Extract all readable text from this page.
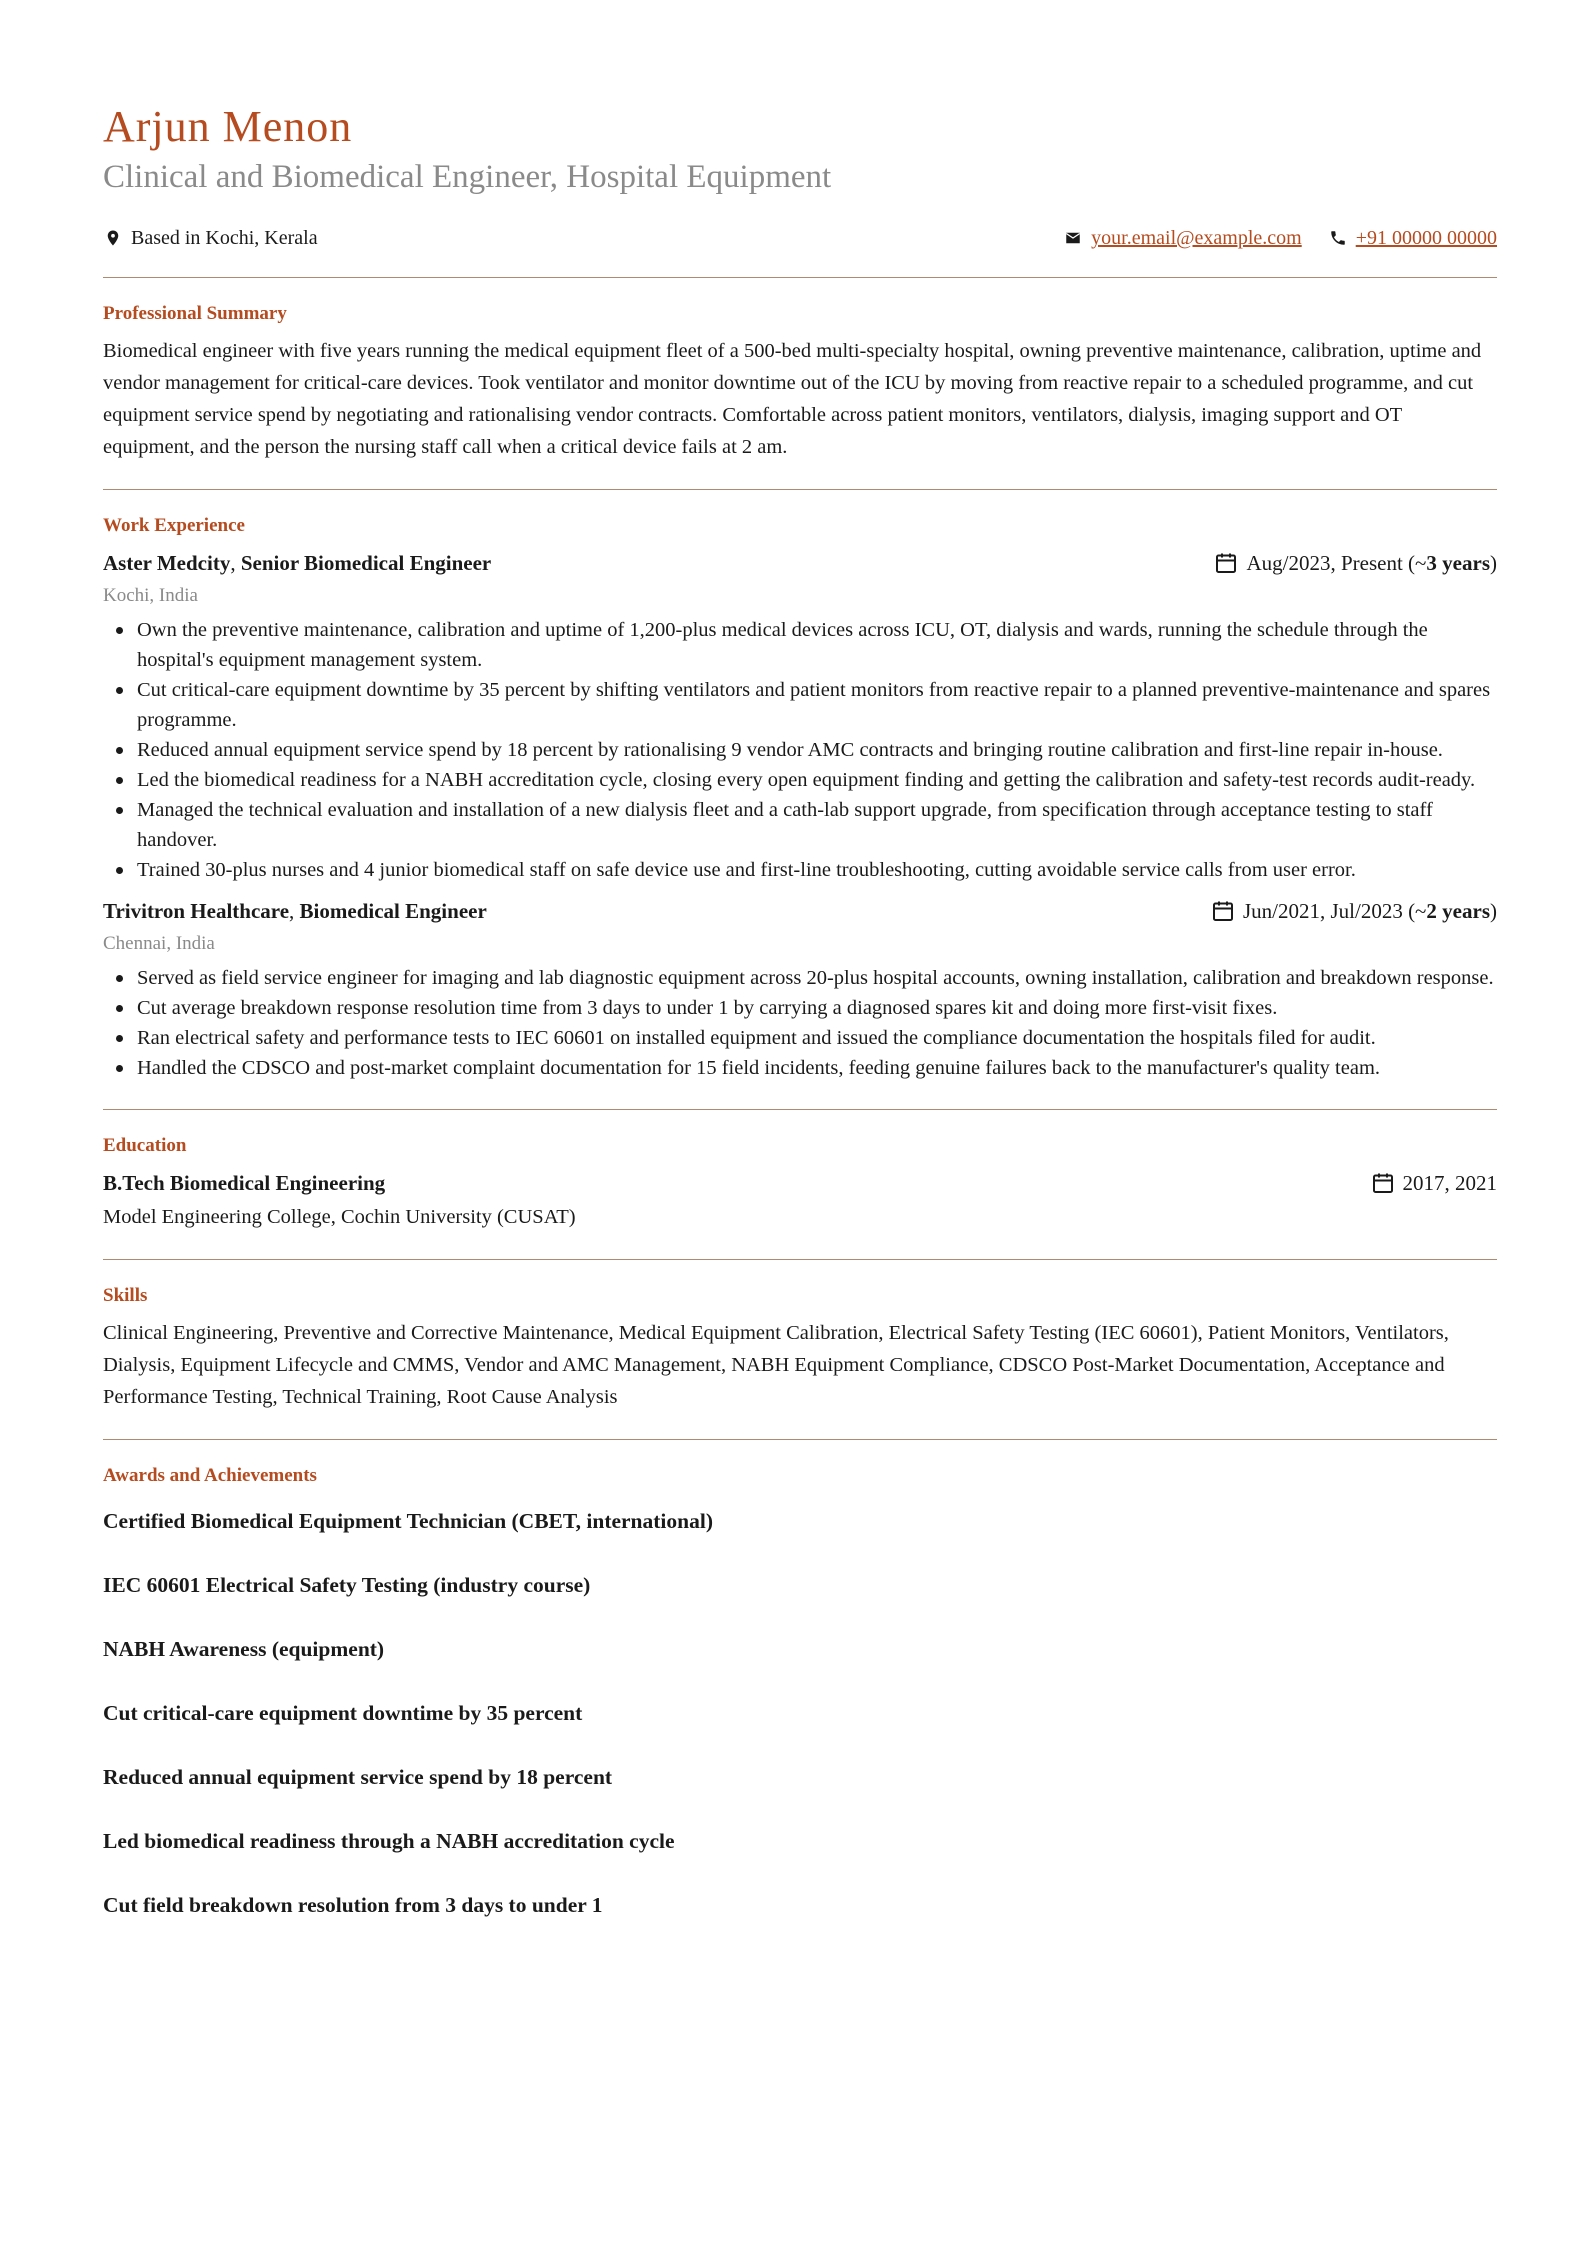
Arjun Menon
Clinical and Biomedical Engineer, Hospital Equipment
Based in Kochi, Kerala	your.email@example.com	+91 00000 00000
Professional Summary
Biomedical engineer with five years running the medical equipment fleet of a 500-bed multi-specialty hospital, owning preventive maintenance, calibration, uptime and vendor management for critical-care devices. Took ventilator and monitor downtime out of the ICU by moving from reactive repair to a scheduled programme, and cut equipment service spend by negotiating and rationalising vendor contracts. Comfortable across patient monitors, ventilators, dialysis, imaging support and OT equipment, and the person the nursing staff call when a critical device fails at 2 am.
Work Experience
Aster Medcity, Senior Biomedical Engineer	Aug/2023, Present (~ 3 years )
Kochi, India
Own the preventive maintenance, calibration and uptime of 1,200-plus medical devices across ICU, OT, dialysis and wards, running the schedule through the hospital's equipment management system.
Cut critical-care equipment downtime by 35 percent by shifting ventilators and patient monitors from reactive repair to a planned preventive-maintenance and spares programme.
Reduced annual equipment service spend by 18 percent by rationalising 9 vendor AMC contracts and bringing routine calibration and first-line repair in-house.
Led the biomedical readiness for a NABH accreditation cycle, closing every open equipment finding and getting the calibration and safety-test records audit-ready.
Managed the technical evaluation and installation of a new dialysis fleet and a cath-lab support upgrade, from specification through acceptance testing to staff handover.
Trained 30-plus nurses and 4 junior biomedical staff on safe device use and first-line troubleshooting, cutting avoidable service calls from user error.
Trivitron Healthcare, Biomedical Engineer	Jun/2021, Jul/2023 (~ 2 years )
Chennai, India
Served as field service engineer for imaging and lab diagnostic equipment across 20-plus hospital accounts, owning installation, calibration and breakdown response.
Cut average breakdown response resolution time from 3 days to under 1 by carrying a diagnosed spares kit and doing more first-visit fixes.
Ran electrical safety and performance tests to IEC 60601 on installed equipment and issued the compliance documentation the hospitals filed for audit.
Handled the CDSCO and post-market complaint documentation for 15 field incidents, feeding genuine failures back to the manufacturer's quality team.
Education
B.Tech Biomedical Engineering	2017, 2021
Model Engineering College, Cochin University (CUSAT)
Skills
Clinical Engineering, Preventive and Corrective Maintenance, Medical Equipment Calibration, Electrical Safety Testing (IEC 60601), Patient Monitors, Ventilators, Dialysis, Equipment Lifecycle and CMMS, Vendor and AMC Management, NABH Equipment Compliance, CDSCO Post-Market Documentation, Acceptance and Performance Testing, Technical Training, Root Cause Analysis
Awards and Achievements
Certified Biomedical Equipment Technician (CBET, international)
IEC 60601 Electrical Safety Testing (industry course)
NABH Awareness (equipment)
Cut critical-care equipment downtime by 35 percent
Reduced annual equipment service spend by 18 percent
Led biomedical readiness through a NABH accreditation cycle
Cut field breakdown resolution from 3 days to under 1
